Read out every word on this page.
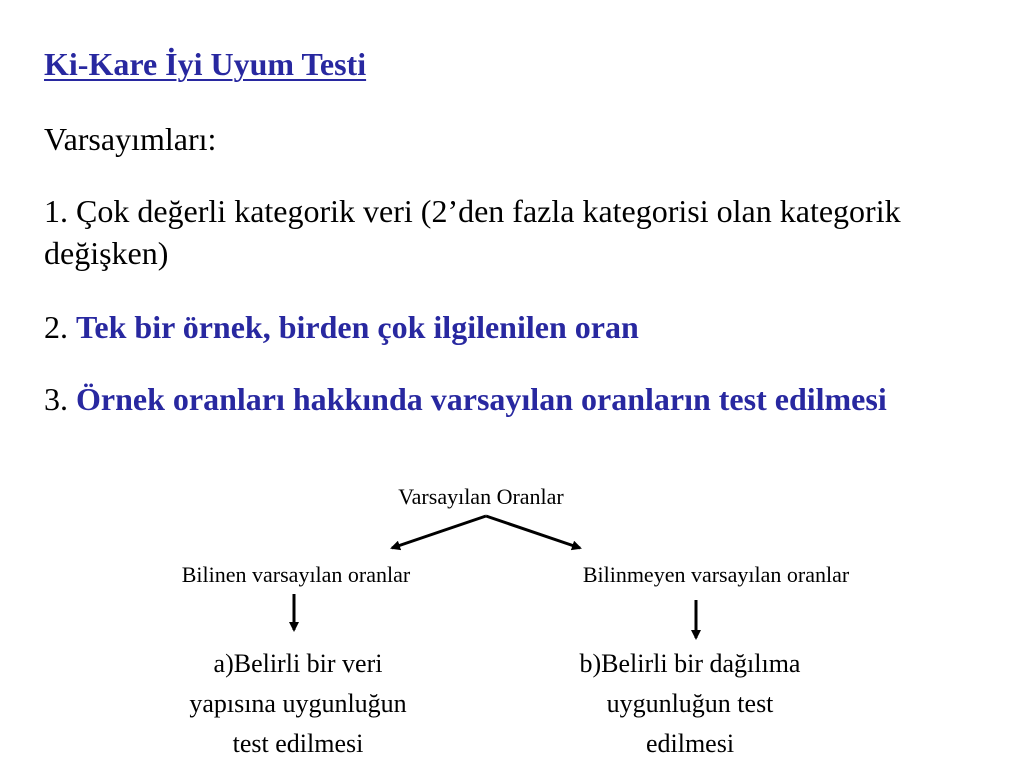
Ki-Kare İyi Uyum Testi

Varsayımları:

1. Çok değerli kategorik veri (2’den fazla kategorisi olan kategorik değişken)

2. Tek bir örnek, birden çok ilgilenilen oran

3. Örnek oranları hakkında varsayılan oranların test edilmesi

Varsayılan Oranlar
Bilinen varsayılan oranlar	Bilinmeyen varsayılan oranlar
a)Belirli bir veri
yapısına uygunluğun
test edilmesi
b)Belirli bir dağılıma
uygunluğun test
edilmesi
